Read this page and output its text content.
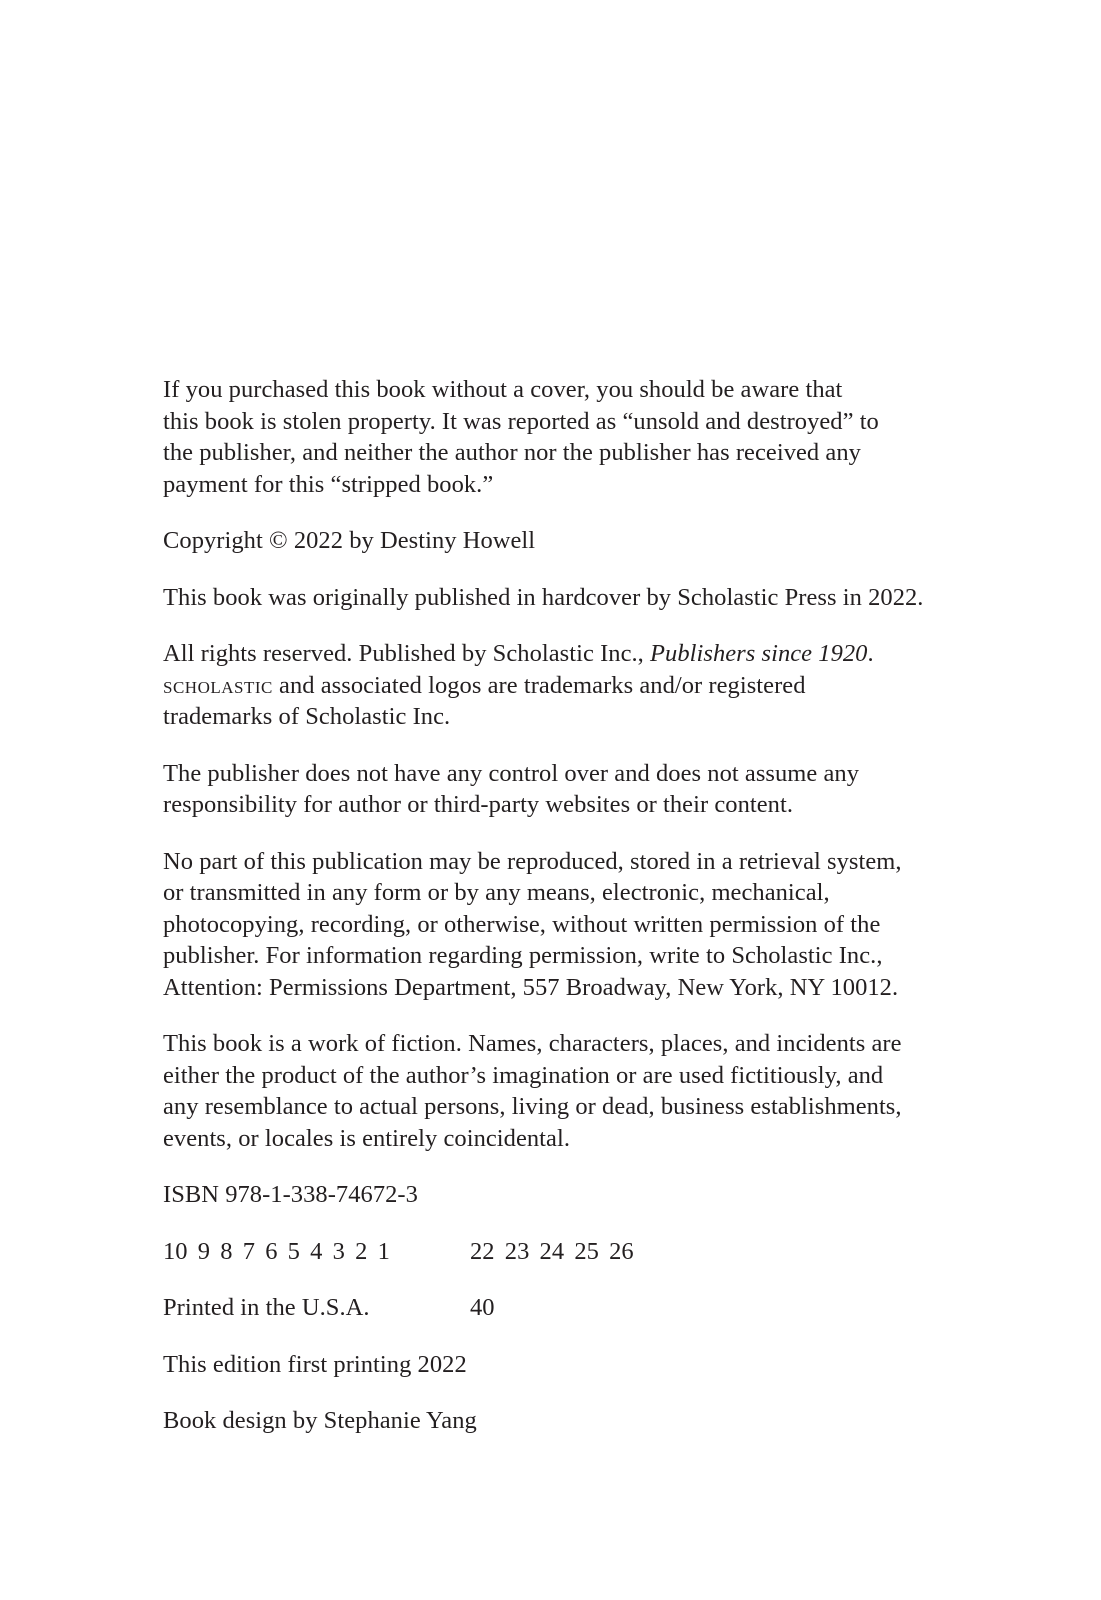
If you purchased this book without a cover, you should be aware that
this book is stolen property. It was reported as “unsold and destroyed” to
the publisher, and neither the author nor the publisher has received any
payment for this “stripped book.”

Copyright © 2022 by Destiny Howell

This book was originally published in hardcover by Scholastic Press in 2022.

All rights reserved. Published by Scholastic Inc., Publishers since 1920.
scholastic and associated logos are trademarks and/or registered
trademarks of Scholastic Inc.

The publisher does not have any control over and does not assume any
responsibility for author or third-party websites or their content.

No part of this publication may be reproduced, stored in a retrieval system,
or transmitted in any form or by any means, electronic, mechanical,
photocopying, recording, or otherwise, without written permission of the
publisher. For information regarding permission, write to Scholastic Inc.,
Attention: Permissions Department, 557 Broadway, New York, NY 10012.

This book is a work of fiction. Names, characters, places, and incidents are
either the product of the author’s imagination or are used fictitiously, and
any resemblance to actual persons, living or dead, business establishments,
events, or locales is entirely coincidental.

ISBN 978-1-338-74672-3

10 9 8 7 6 5 4 3 2 1	22 23 24 25 26
Printed in the U.S.A.	40

This edition first printing 2022

Book design by Stephanie Yang
